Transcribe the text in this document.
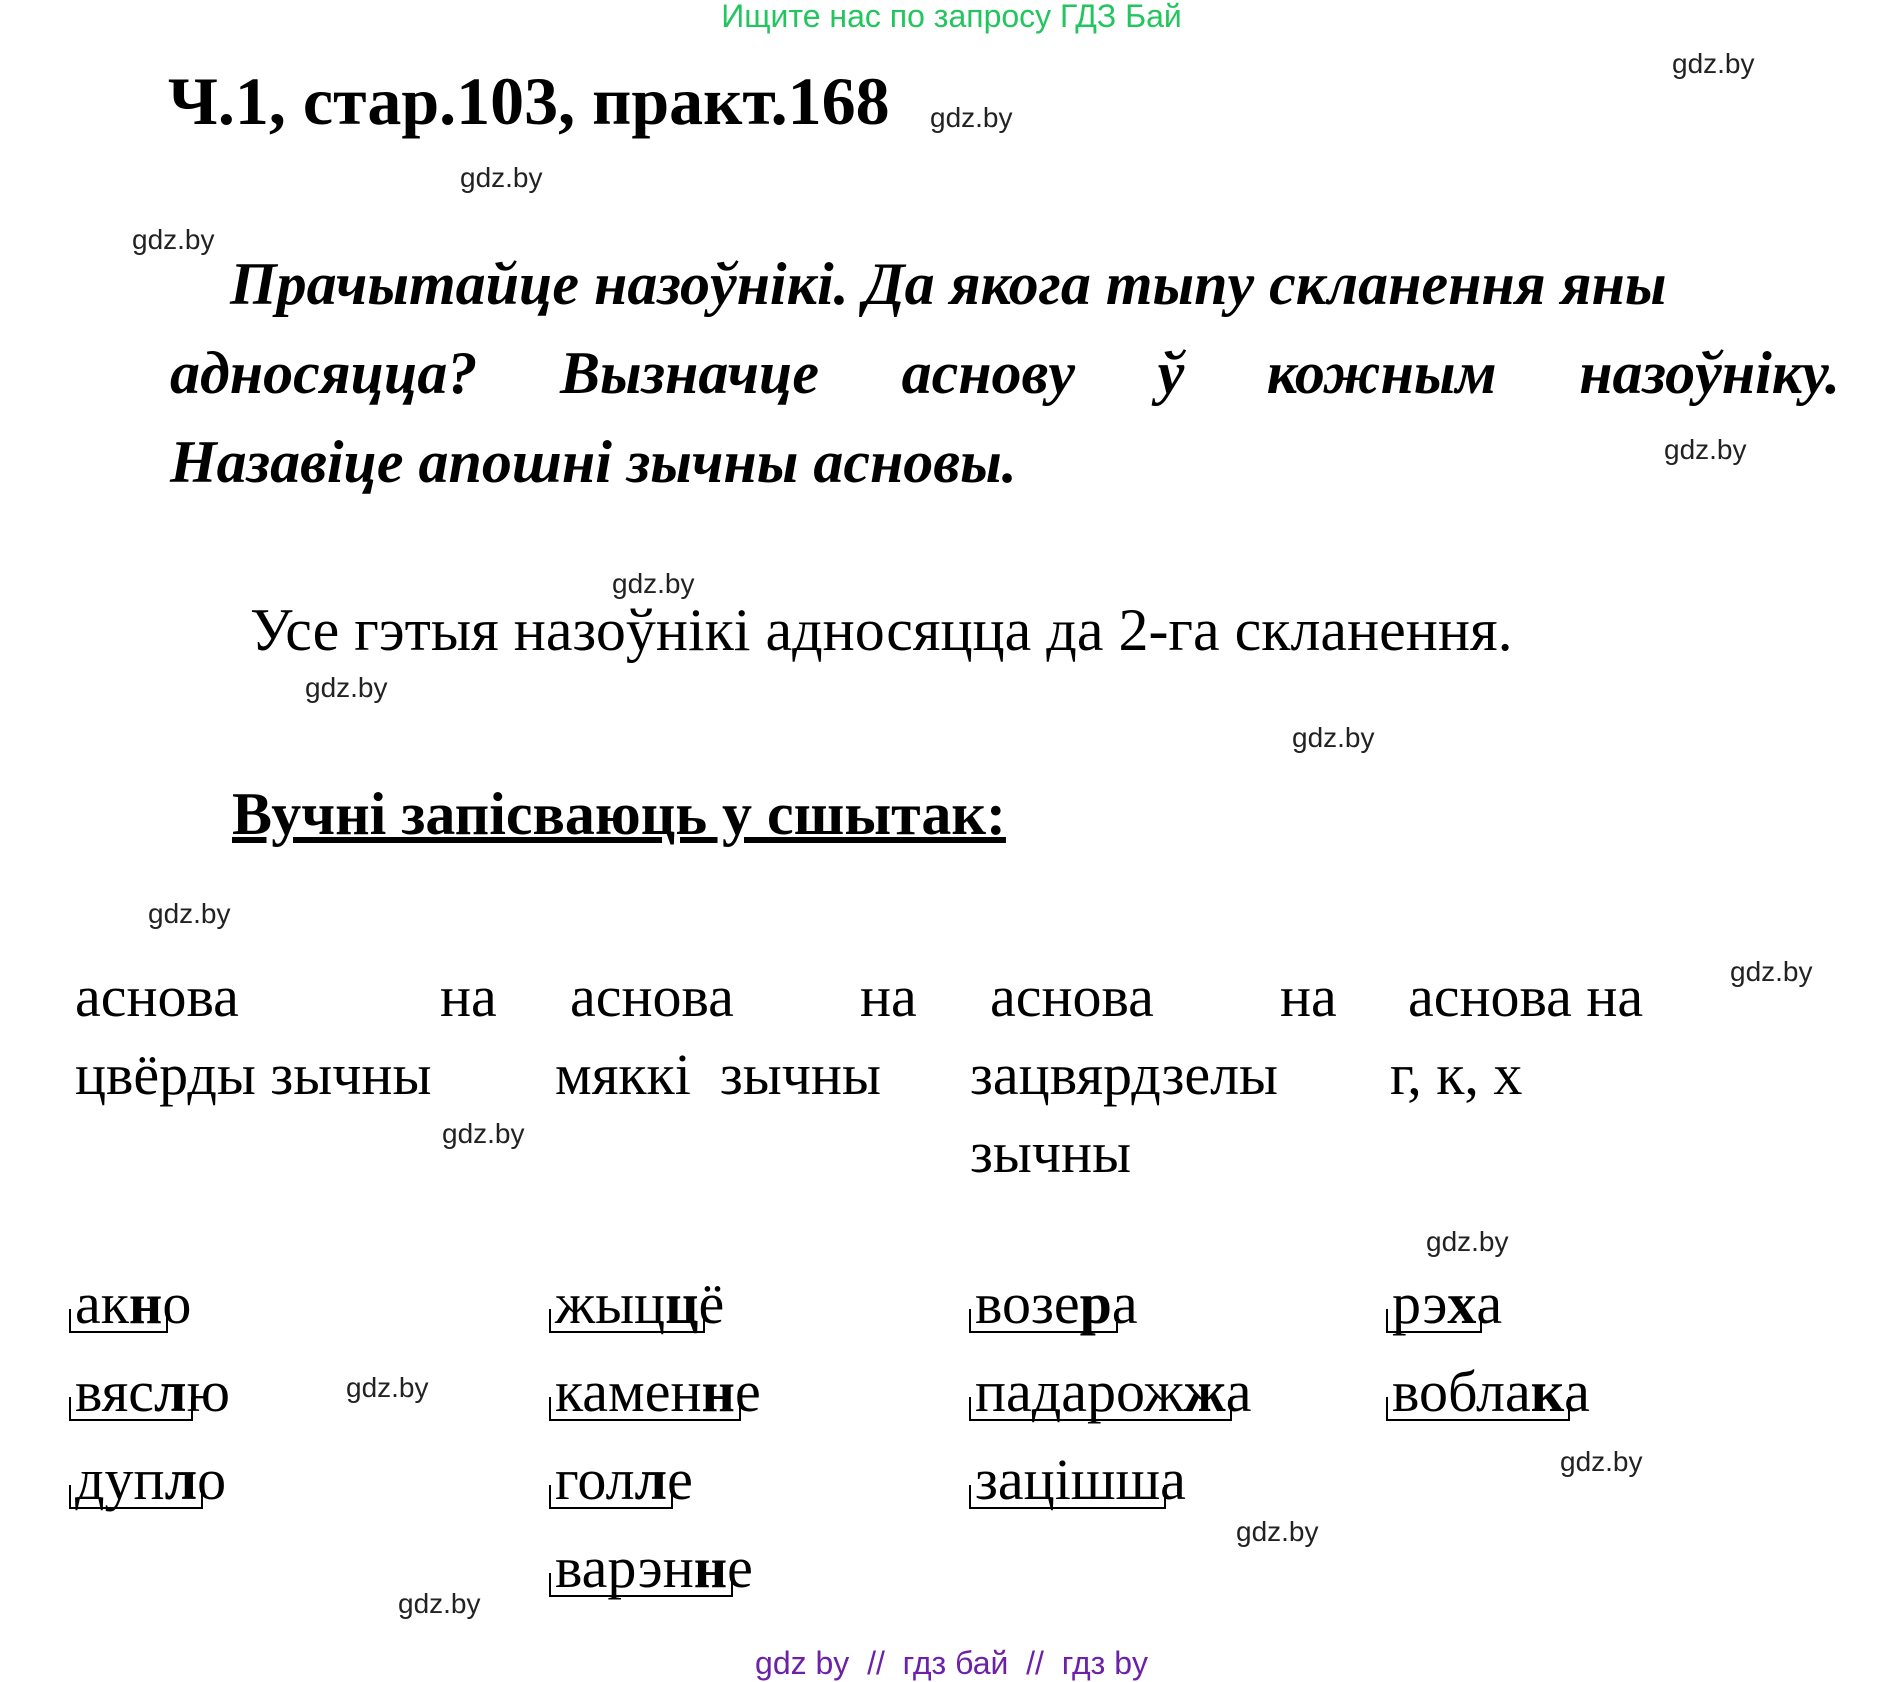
Ищите нас по запросу ГДЗ Бай
Ч.1, стар.103, практ.168
Прачытайце назоўнікі. Да якога тыпу скланення яны
адносяцца? Вызначце аснову ў кожным назоўніку.
Назавіце апошні зычны асновы.
Усе гэтыя назоўнікі адносяцца да 2-га скланення.
Вучні запісваюць у сшытак:
аснова	на
цвёрды зычны
аснова на
мяккі  зычны
аснова на
зацвярдзелы
зычны
аснова на
г, к, х
акно
вяслю
дупло
жыццё
каменне
голле
варэнне
возера
падарожжа
зацішша
рэха
воблака
gdz.by
gdz.by
gdz.by
gdz.by
gdz.by
gdz.by
gdz.by
gdz.by
gdz.by
gdz.by
gdz.by
gdz.by
gdz.by
gdz.by
gdz.by
gdz.by
gdz by  //  гдз бай  //  гдз by
